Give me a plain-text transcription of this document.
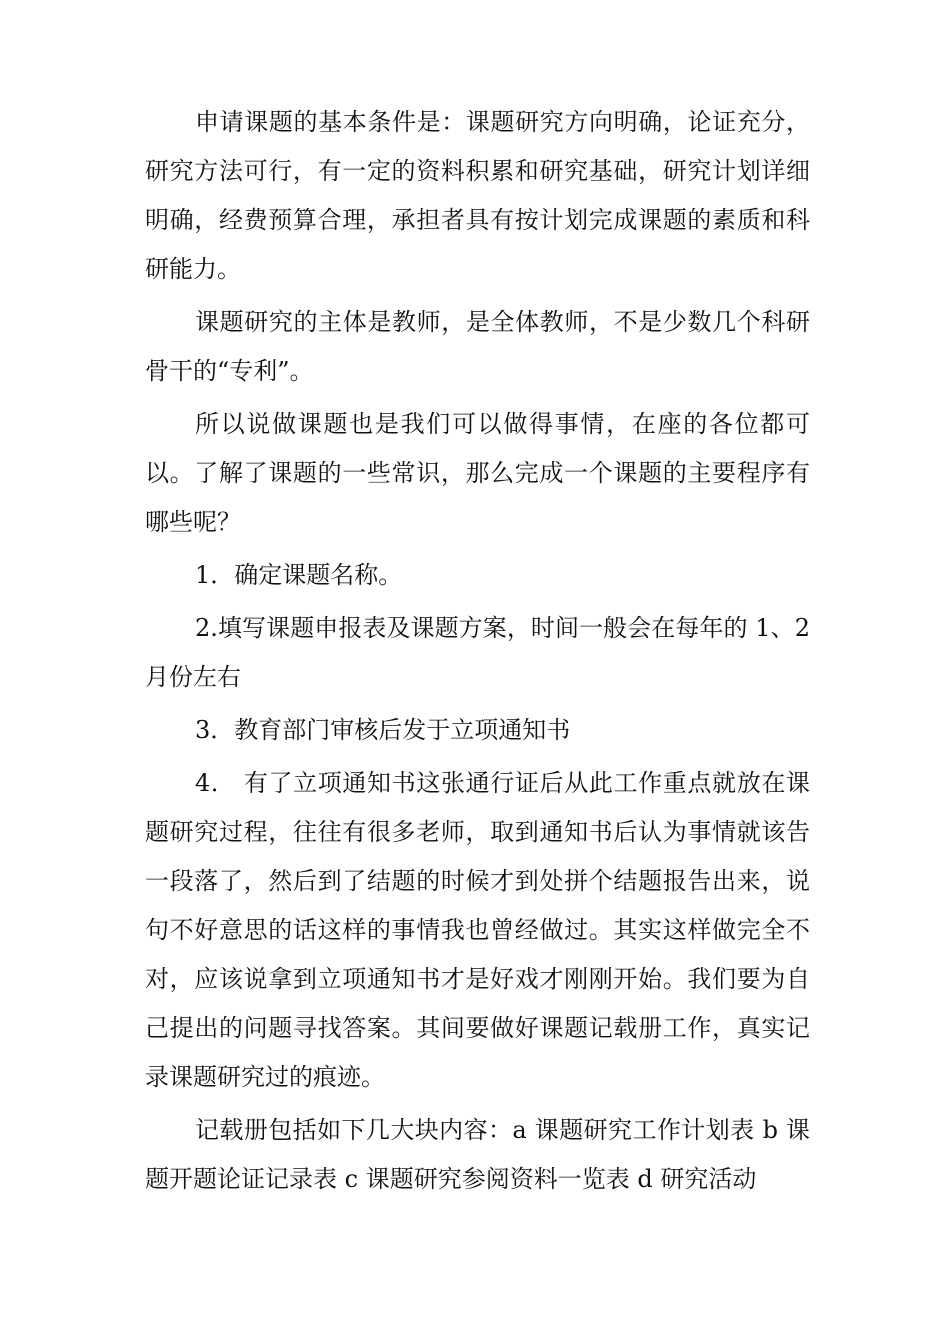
申请课题的基本条件是：课题研究方向明确，论证充分，研究方法可行，有一定的资料积累和研究基础，研究计划详细明确，经费预算合理，承担者具有按计划完成课题的素质和科研能力。

课题研究的主体是教师，是全体教师，不是少数几个科研骨干的“专利”。

所以说做课题也是我们可以做得事情，在座的各位都可以。了解了课题的一些常识，那么完成一个课题的主要程序有哪些呢？

1．确定课题名称。

2.填写课题申报表及课题方案，时间一般会在每年的 1、2 月份左右

3．教育部门审核后发于立项通知书

4． 有了立项通知书这张通行证后从此工作重点就放在课题研究过程，往往有很多老师，取到通知书后认为事情就该告一段落了，然后到了结题的时候才到处拼个结题报告出来，说句不好意思的话这样的事情我也曾经做过。其实这样做完全不对，应该说拿到立项通知书才是好戏才刚刚开始。我们要为自己提出的问题寻找答案。其间要做好课题记载册工作，真实记录课题研究过的痕迹。

记载册包括如下几大块内容：a 课题研究工作计划表 b 课题开题论证记录表 c 课题研究参阅资料一览表 d 研究活动
